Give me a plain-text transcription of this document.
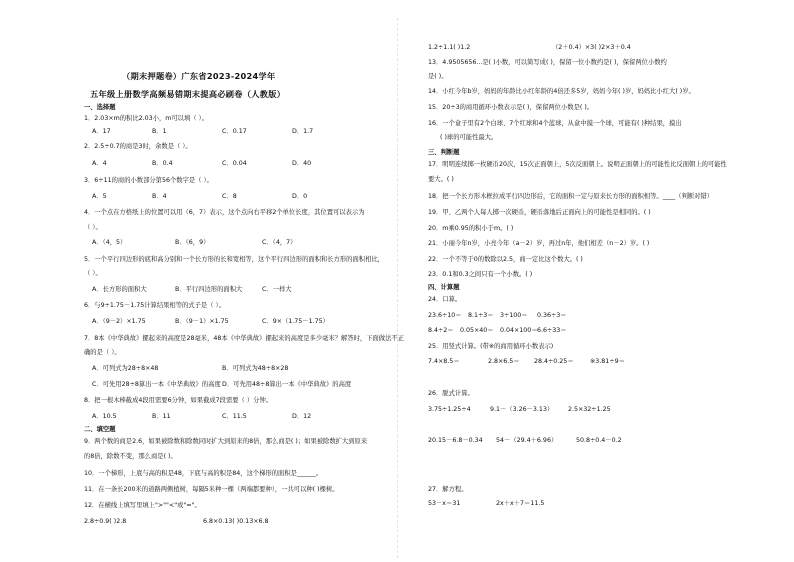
（期末押题卷）广东省2023-2024学年
五年级上册数学高频易错期末提高必刷卷（人教版）
一、选择题
1．2.03×m的积比2.03小，m可以填（ ）。
A．17	B．1	C．0.17	D．1.7
2．2.5÷0.7的商是3时，余数是（ ）。
A．4	B．0.4	C．0.04	D．40
3．6÷11的商的小数部分第56个数字是（ ）。
A．5	B．4	C．8	D．0
4．一个点在方格纸上的位置可以用（6，7）表示，这个点向右平移2个单位长度，其位置可以表示为
（ ）。
A．（4，5）	B．（6，9）	C．（4，7）
5．一个平行四边形的底和高分别和一个长方形的长和宽相等，这个平行四边形的面积和长方形的面积相比，
（ ）。
A．长方形的面积大	B．平行四边形的面积大	C．一样大
6．与9÷1.75－1.75计算结果相等的式子是（ ）。
A．（9－2）×1.75	B．（9－1）×1.75	C．9×（1.75－1.75）
7．8本《中华典故》摞起来的高度是28毫米，48本《中华典故》摞起来的高度是多少毫米？解答时，下面做法不正
确的是（ ）。
A．可列式为28÷8×48	B．可列式为48÷8×28
C．可先用28÷8算出一本《中华典故》的高度 D．可先用48÷8算出一本《中华典故》的高度
8．把一根木棒截成4段用需要6分钟，如果截成7段需要（ ）分钟。
A．10.5	B．11	C．11.5	D．12
二、填空题
9．两个数的商是2.6，如果被除数和除数同时扩大到原来的8倍，那么商是( )；如果被除数扩大到原来
的8倍，除数不变，那么商是( )。
10．一个梯形，上底与高的积是48，下底与高的积是84，这个梯形的面积是______。
11．在一条长200米的道路两侧植树，每隔5米种一棵（两端都要种），一共可以种( )棵树。
12．在横线上填写里填上">""<"或"="。
2.8÷0.9( )2.8	6.8×0.13( )0.13×6.8
1.2÷1.1( )1.2	（2＋0.4）×3( )2×3＋0.4
13．4.9505656...是( )小数，可以简写成( )，保留一位小数约是( )，保留两位小数约
是( )。
14．小红今年b岁，妈妈的年龄比小红年龄的4倍还多5岁，妈妈今年( )岁，妈妈比小红大( )岁。
15．20÷3的商用循环小数表示是( )，保留两位小数是( )。
16．一个盒子里有2个白球、7个红球和4个蓝球，从盒中摸一个球，可能有( )种结果，摸出
( )球的可能性最大。
三、判断题
17．明明连续掷一枚硬币20次，15次正面朝上，5次反面朝上。说明正面朝上的可能性比反面朝上的可能性
要大。( )
18．把一个长方形木框拉成平行四边形后，它的面积一定与原来长方形的面积相等。____（判断对错）
19．甲、乙两个人每人掷一次硬币，硬币落地后正面向上的可能性是相同的。( )
20．m乘0.95的积小于m。( )
21．小丽今年n岁，小亮今年（a－2）岁，再过n年，他们相差（n－2）岁。( )
22．一个不等于0的数除以2.5，商一定比这个数大。( )
23．0.1和0.3之间只有一个小数。( )
四、计算题
24．口算。
23.6÷10＝ 8.1÷3＝ 3÷100＝ 0.36÷3＝
8.4÷2＝ 0.05×40＝ 0.04×100＝ 6.6÷33＝
25．用竖式计算。(带※的商用循环小数表示)
7.4×8.5＝	2.8×6.5＝ 28.4÷0.25＝	※3.81÷9＝
26．脱式计算。
3.75÷1.25÷4	9.1－（3.26－3.13） 2.5×32÷1.25
20.15－6.8－0.34 54－（29.4＋6.96）	50.8÷0.4－0.2
27．解方程。
53－x＝31	2x＋x＋7＝11.5
